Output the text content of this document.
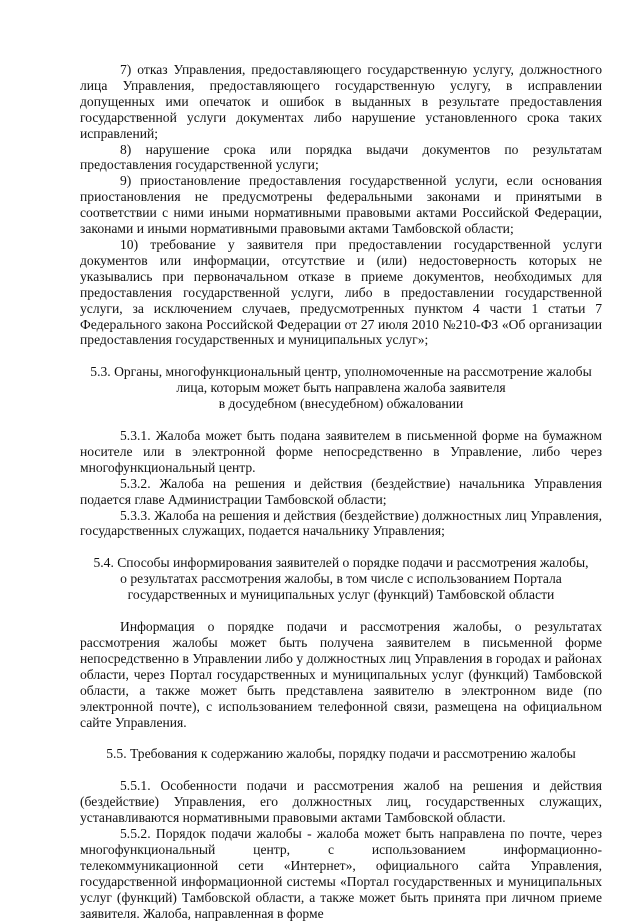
7) отказ Управления, предоставляющего государственную услугу, должностного лица Управления, предоставляющего государственную услугу, в исправлении допущенных ими опечаток и ошибок в выданных в результате предоставления государственной услуги документах либо нарушение установленного срока таких исправлений;

8) нарушение срока или порядка выдачи документов по результатам предоставления государственной услуги;

9) приостановление предоставления государственной услуги, если основания приостановления не предусмотрены федеральными законами и принятыми в соответствии с ними иными нормативными правовыми актами Российской Федерации, законами и иными нормативными правовыми актами Тамбовской области;

10) требование у заявителя при предоставлении государственной услуги документов или информации, отсутствие и (или) недостоверность которых не указывались при первоначальном отказе в приеме документов, необходимых для предоставления государственной услуги, либо в предоставлении государственной услуги, за исключением случаев, предусмотренных пунктом 4 части 1 статьи 7 Федерального закона Российской Федерации от 27 июля 2010 №210-ФЗ «Об организации предоставления государственных и муниципальных услуг»;

5.3. Органы, многофункциональный центр, уполномоченные на рассмотрение жалобы
лица, которым может быть направлена жалоба заявителя
в досудебном (внесудебном) обжаловании

5.3.1. Жалоба может быть подана заявителем в письменной форме на бумажном носителе или в электронной форме непосредственно в Управление, либо через многофункциональный центр.

5.3.2. Жалоба на решения и действия (бездействие) начальника Управления подается главе Администрации Тамбовской области;

5.3.3. Жалоба на решения и действия (бездействие) должностных лиц Управления, государственных служащих, подается начальнику Управления;

5.4. Способы информирования заявителей о порядке подачи и рассмотрения жалобы,
о результатах рассмотрения жалобы, в том числе с использованием Портала
государственных и муниципальных услуг (функций) Тамбовской области

Информация о порядке подачи и рассмотрения жалобы, о результатах рассмотрения жалобы может быть получена заявителем в письменной форме непосредственно в Управлении либо у должностных лиц Управления в городах и районах области, через Портал государственных и муниципальных услуг (функций) Тамбовской области, а также может быть представлена заявителю в электронном виде (по электронной почте), с использованием телефонной связи, размещена на официальном сайте Управления.

5.5. Требования к содержанию жалобы, порядку подачи и рассмотрению жалобы

5.5.1. Особенности подачи и рассмотрения жалоб на решения и действия (бездействие) Управления, его должностных лиц, государственных служащих, устанавливаются нормативными правовыми актами Тамбовской области.

5.5.2. Порядок подачи жалобы - жалоба может быть направлена по почте, через многофункциональный центр, с использованием информационно-телекоммуникационной сети «Интернет», официального сайта Управления, государственной информационной системы «Портал государственных и муниципальных услуг (функций) Тамбовской области, а также может быть принята при личном приеме заявителя. Жалоба, направленная в форме
